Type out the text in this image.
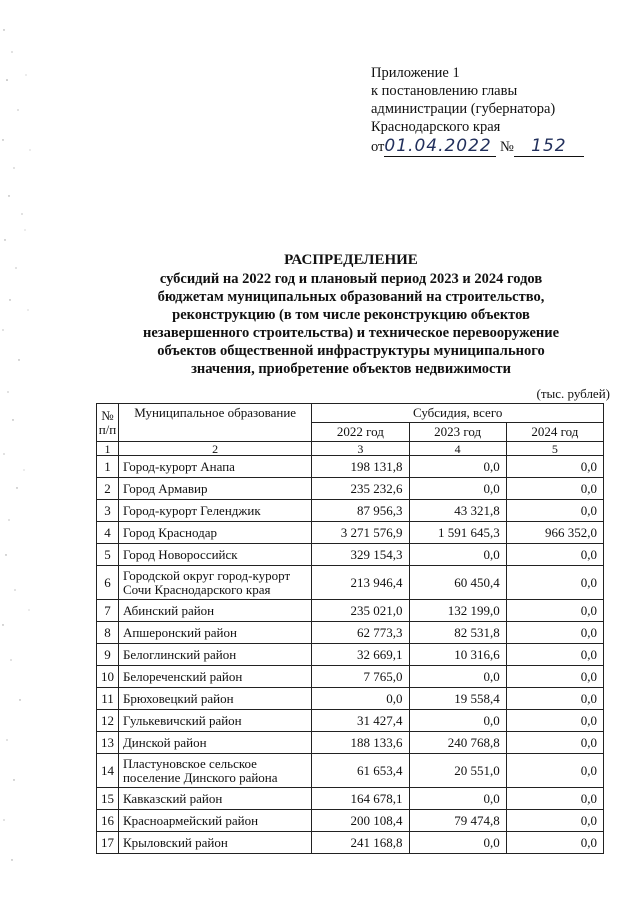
Приложение 1
к постановлению главы
администрации (губернатора)
Краснодарского края
от01.04.2022 № 152
РАСПРЕДЕЛЕНИЕ
субсидий на 2022 год и плановый период 2023 и 2024 годов
бюджетам муниципальных образований на строительство,
реконструкцию (в том числе реконструкцию объектов
незавершенного строительства) и техническое перевооружение
объектов общественной инфраструктуры муниципального
значения, приобретение объектов недвижимости
(тыс. рублей)
№ п/п	Муниципальное образование	Субсидия, всего		
		2022 год	2023 год	2024 год
1	2	3	4	5
1	Город-курорт Анапа	198 131,8	0,0	0,0
2	Город Армавир	235 232,6	0,0	0,0
3	Город-курорт Геленджик	87 956,3	43 321,8	0,0
4	Город Краснодар	3 271 576,9	1 591 645,3	966 352,0
5	Город Новороссийск	329 154,3	0,0	0,0
6	Городской округ город-курорт Сочи Краснодарского края	213 946,4	60 450,4	0,0
7	Абинский район	235 021,0	132 199,0	0,0
8	Апшеронский район	62 773,3	82 531,8	0,0
9	Белоглинский район	32 669,1	10 316,6	0,0
10	Белореченский район	7 765,0	0,0	0,0
11	Брюховецкий район	0,0	19 558,4	0,0
12	Гулькевичский район	31 427,4	0,0	0,0
13	Динской район	188 133,6	240 768,8	0,0
14	Пластуновское сельское поселение Динского района	61 653,4	20 551,0	0,0
15	Кавказский район	164 678,1	0,0	0,0
16	Красноармейский район	200 108,4	79 474,8	0,0
17	Крыловский район	241 168,8	0,0	0,0
